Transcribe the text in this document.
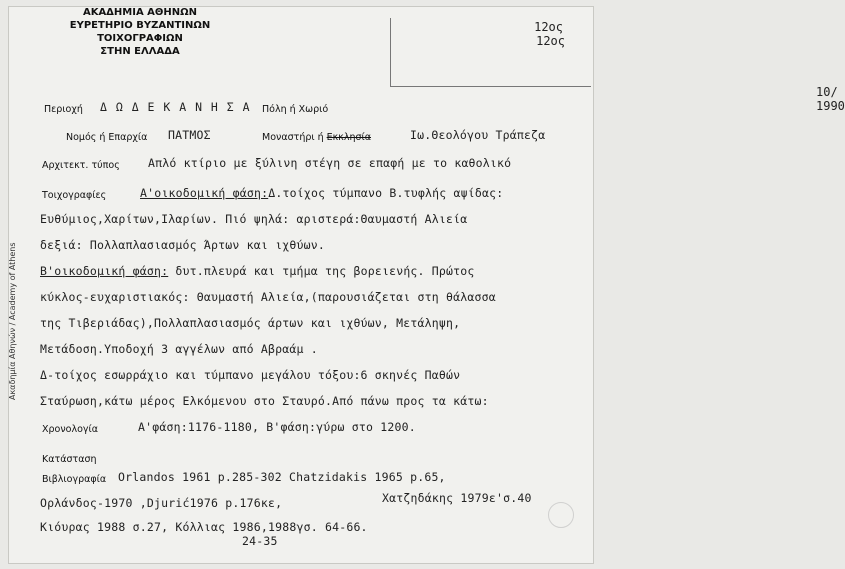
Ακαδημία Αθηνών / Academy of Athens
ΑΚΑΔΗΜΙΑ ΑΘΗΝΩΝ
ΕΥΡΕΤΗΡΙΟ ΒΥΖΑΝΤΙΝΩΝ ΤΟΙΧΟΓΡΑΦΙΩΝ
ΣΤΗΝ ΕΛΛΑΔΑ
12ος
12ος
10/ 1990
Περιοχή Δ Ω Δ Ε Κ Α Ν Η Σ Α Πόλη ή Χωριό
Νομός ή Επαρχία ΠΑΤΜΟΣ	Μοναστήρι ή Εκκλησία	Ιω.Θεολόγου Τράπεζα
Αρχιτεκτ. τύπος Απλό κτίριο με ξύλινη στέγη σε επαφή με το καθολικό
Τοιχογραφίες	Α'οικοδομική φάση:Δ.τοίχος τύμπανο Β.τυφλής αψίδας:
Ευθύμιος,Χαρίτων,Ιλαρίων. Πιό ψηλά: αριστερά:Θαυμαστή Αλιεία
δεξιά: Πολλαπλασιασμός Άρτων και ιχθύων.
Β'οικοδομική φάση: δυτ.πλευρά και τμήμα της βορειενής. Πρώτος
κύκλος-ευχαριστιακός: Θαυμαστή Αλιεία,(παρουσιάζεται στη θάλασσα
της Τιβεριάδας),Πολλαπλασιασμός άρτων και ιχθύων, Μετάληψη,
Μετάδοση.Υποδοχή 3 αγγέλων από Αβραάμ .
Δ-τοίχος εσωρράχιο και τύμπανο μεγάλου τόξου:6 σκηνές Παθών
Σταύρωση,κάτω μέρος Ελκόμενου στο Σταυρό.Από πάνω προς τα κάτω:
Χρονολογία	Α'φάση:1176-1180, Β'φάση:γύρω στο 1200.
Κατάσταση
Βιβλιογραφία Orlandos 1961 p.285-302 Chatzidakis 1965 p.65,
Ορλάνδος-1970 ,Djurić1976 p.176κε,	Χατζηδάκης 1979ε'σ.40
Κιόυρας 1988 σ.27, Κόλλιας 1986,1988γσ. 64-66.
24-35
